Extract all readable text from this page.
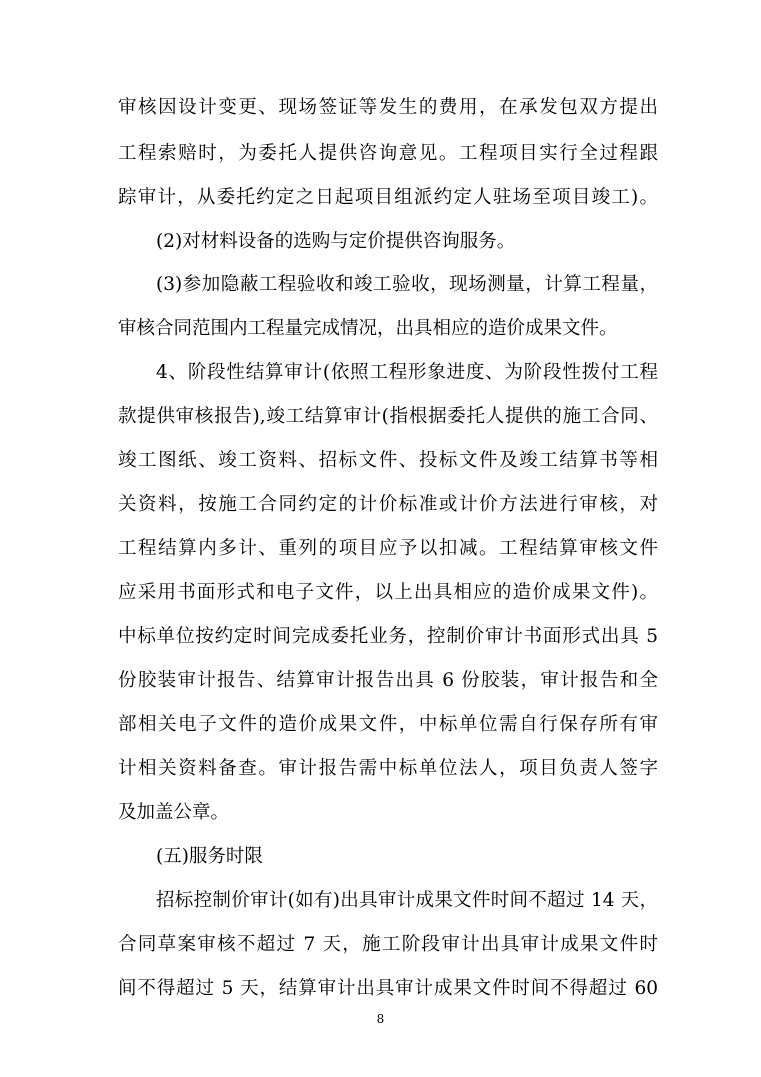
审核因设计变更、现场签证等发生的费用，在承发包双方提出
工程索赔时，为委托人提供咨询意见。工程项目实行全过程跟
踪审计，从委托约定之日起项目组派约定人驻场至项目竣工)。
(2)对材料设备的选购与定价提供咨询服务。
(3)参加隐蔽工程验收和竣工验收，现场测量，计算工程量，
审核合同范围内工程量完成情况，出具相应的造价成果文件。
4、阶段性结算审计(依照工程形象进度、为阶段性拨付工程
款提供审核报告),竣工结算审计(指根据委托人提供的施工合同、
竣工图纸、竣工资料、招标文件、投标文件及竣工结算书等相
关资料，按施工合同约定的计价标准或计价方法进行审核，对
工程结算内多计、重列的项目应予以扣减。工程结算审核文件
应采用书面形式和电子文件，以上出具相应的造价成果文件)。
中标单位按约定时间完成委托业务，控制价审计书面形式出具 5
份胶装审计报告、结算审计报告出具 6 份胶装，审计报告和全
部相关电子文件的造价成果文件，中标单位需自行保存所有审
计相关资料备查。审计报告需中标单位法人，项目负责人签字
及加盖公章。
(五)服务时限
招标控制价审计(如有)出具审计成果文件时间不超过 14 天，
合同草案审核不超过 7 天，施工阶段审计出具审计成果文件时
间不得超过 5 天，结算审计出具审计成果文件时间不得超过 60
8
